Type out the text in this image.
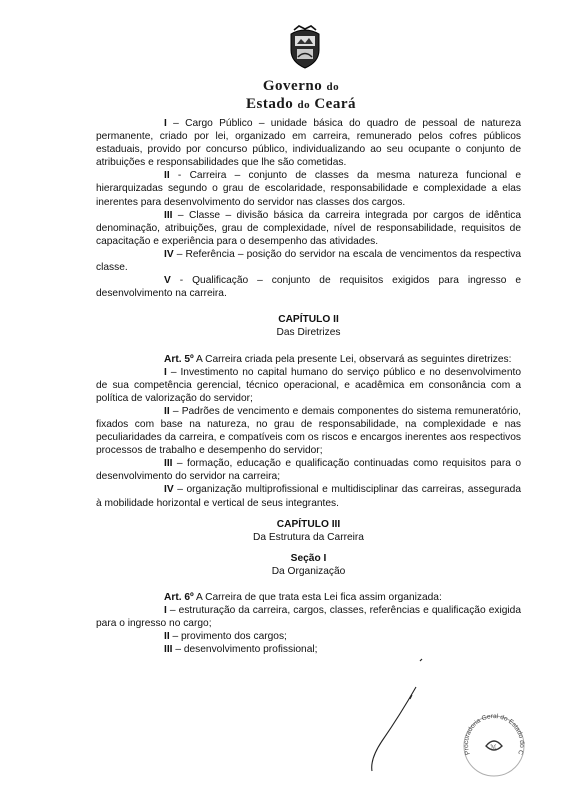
Governo do
Estado do Ceará

I – Cargo Público – unidade básica do quadro de pessoal de natureza permanente, criado por lei, organizado em carreira, remunerado pelos cofres públicos estaduais, provido por concurso público, individualizando ao seu ocupante o conjunto de atribuições e responsabilidades que lhe são cometidas.

II - Carreira – conjunto de classes da mesma natureza funcional e hierarquizadas segundo o grau de escolaridade, responsabilidade e complexidade a elas inerentes para desenvolvimento do servidor nas classes dos cargos.

III – Classe – divisão básica da carreira integrada por cargos de idêntica denominação, atribuições, grau de complexidade, nível de responsabilidade, requisitos de capacitação e experiência para o desempenho das atividades.

IV – Referência – posição do servidor na escala de vencimentos da respectiva classe.

V - Qualificação – conjunto de requisitos exigidos para ingresso e desenvolvimento na carreira.

CAPÍTULO II

Das Diretrizes

Art. 5º A Carreira criada pela presente Lei, observará as seguintes diretrizes:

I – Investimento no capital humano do serviço público e no desenvolvimento de sua competência gerencial, técnico operacional, e acadêmica em consonância com a política de valorização do servidor;

II – Padrões de vencimento e demais componentes do sistema remuneratório, fixados com base na natureza, no grau de responsabilidade, na complexidade e nas peculiaridades da carreira, e compatíveis com os riscos e encargos inerentes aos respectivos processos de trabalho e desempenho do servidor;

III – formação, educação e qualificação continuadas como requisitos para o desenvolvimento do servidor na carreira;

IV – organização multiprofissional e multidisciplinar das carreiras, assegurada à mobilidade horizontal e vertical de seus integrantes.

CAPÍTULO III

Da Estrutura da Carreira

Seção I

Da Organização

Art. 6º A Carreira de que trata esta Lei fica assim organizada:

I – estruturação da carreira, cargos, classes, referências e qualificação exigida para o ingresso no cargo;

II – provimento dos cargos;

III – desenvolvimento profissional;

Procuradoria Geral do Estado do C
ℳ
